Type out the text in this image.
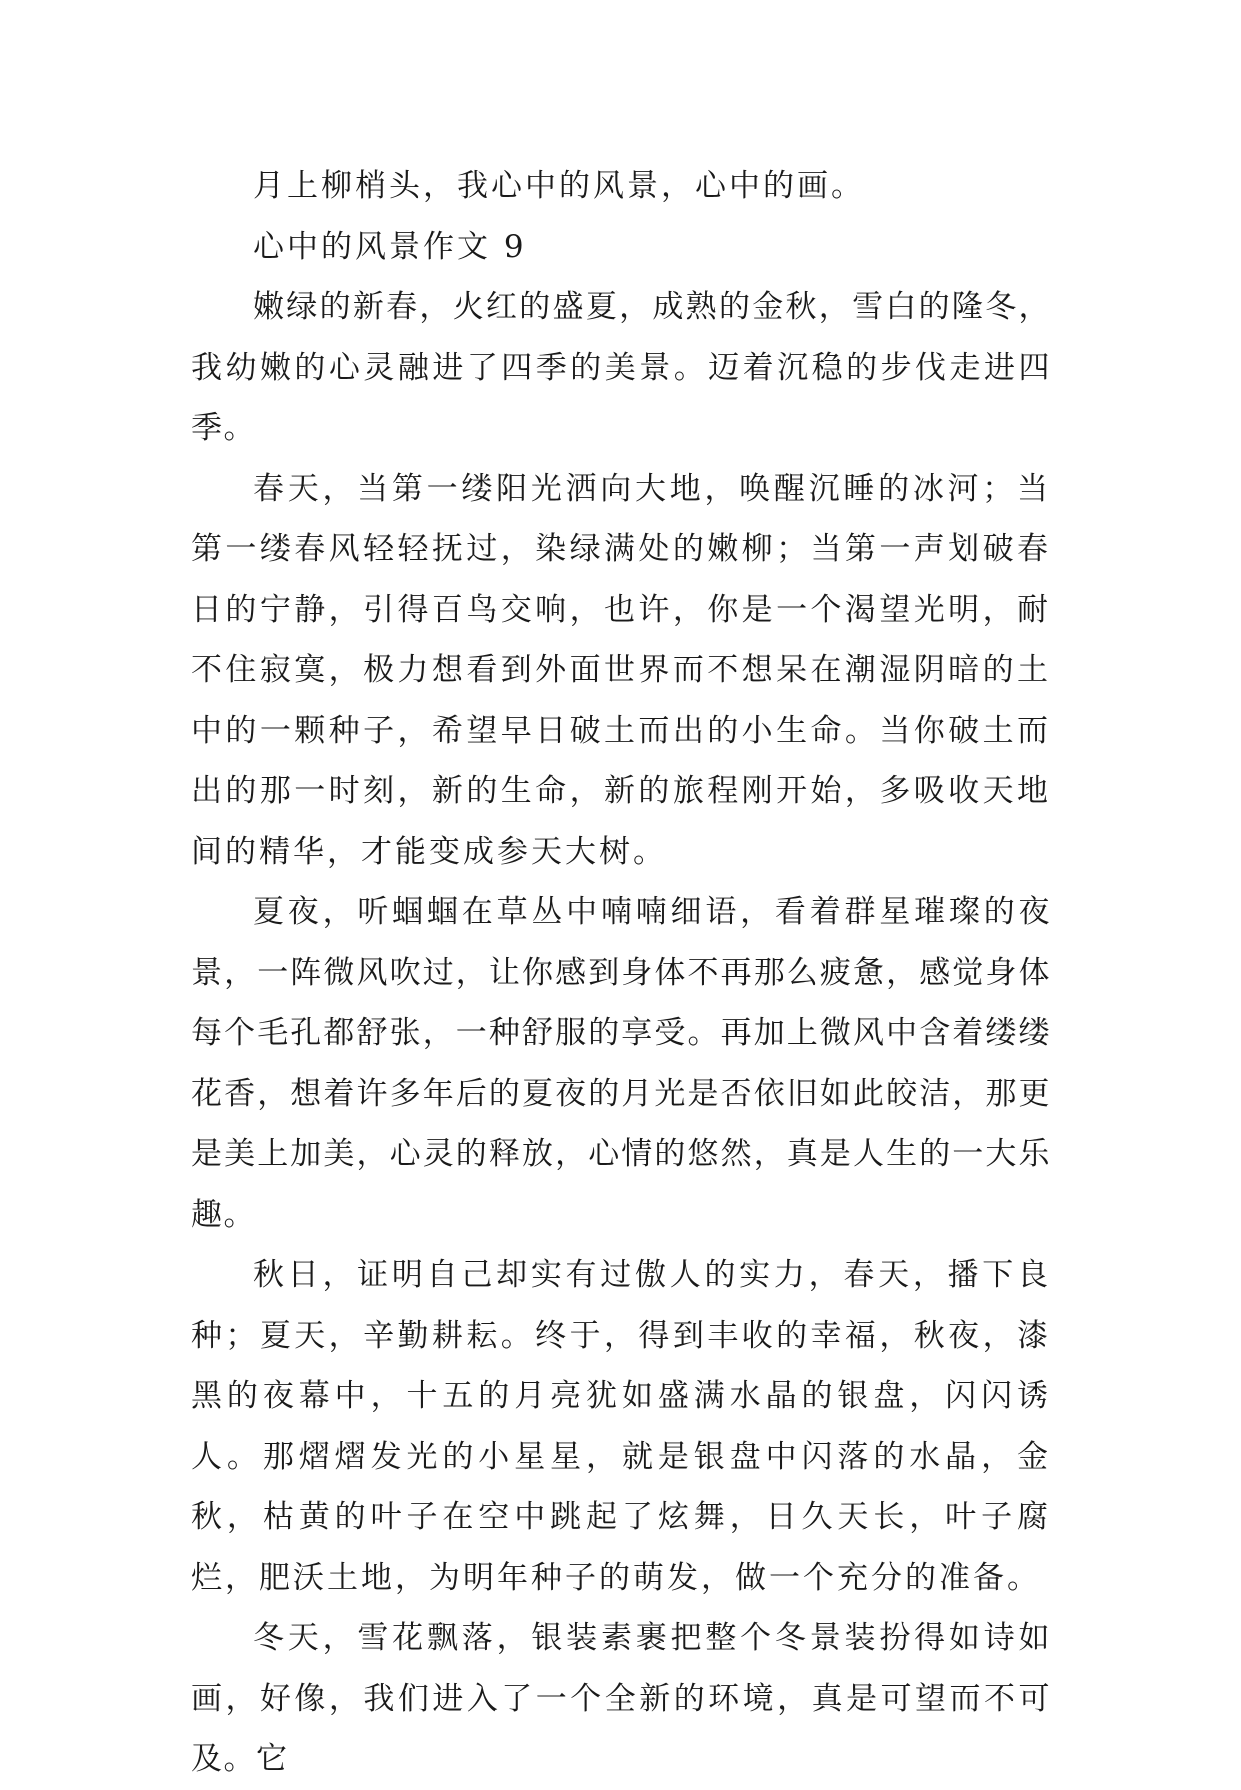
月上柳梢头，我心中的风景，心中的画。

心中的风景作文 9

嫩绿的新春，火红的盛夏，成熟的金秋，雪白的隆冬，我幼嫩的心灵融进了四季的美景。迈着沉稳的步伐走进四季。

春天，当第一缕阳光洒向大地，唤醒沉睡的冰河；当第一缕春风轻轻抚过，染绿满处的嫩柳；当第一声划破春日的宁静，引得百鸟交响，也许，你是一个渴望光明，耐不住寂寞，极力想看到外面世界而不想呆在潮湿阴暗的土中的一颗种子，希望早日破土而出的小生命。当你破土而出的那一时刻，新的生命，新的旅程刚开始，多吸收天地间的精华，才能变成参天大树。

夏夜，听蝈蝈在草丛中喃喃细语，看着群星璀璨的夜景，一阵微风吹过，让你感到身体不再那么疲惫，感觉身体每个毛孔都舒张，一种舒服的享受。再加上微风中含着缕缕花香，想着许多年后的夏夜的月光是否依旧如此皎洁，那更是美上加美，心灵的释放，心情的悠然，真是人生的一大乐趣。

秋日，证明自己却实有过傲人的实力，春天，播下良种；夏天，辛勤耕耘。终于，得到丰收的幸福，秋夜，漆黑的夜幕中，十五的月亮犹如盛满水晶的银盘，闪闪诱人。那熠熠发光的小星星，就是银盘中闪落的水晶，金秋，枯黄的叶子在空中跳起了炫舞，日久天长，叶子腐烂，肥沃土地，为明年种子的萌发，做一个充分的准备。

冬天，雪花飘落，银装素裹把整个冬景装扮得如诗如画，好像，我们进入了一个全新的环境，真是可望而不可及。它
